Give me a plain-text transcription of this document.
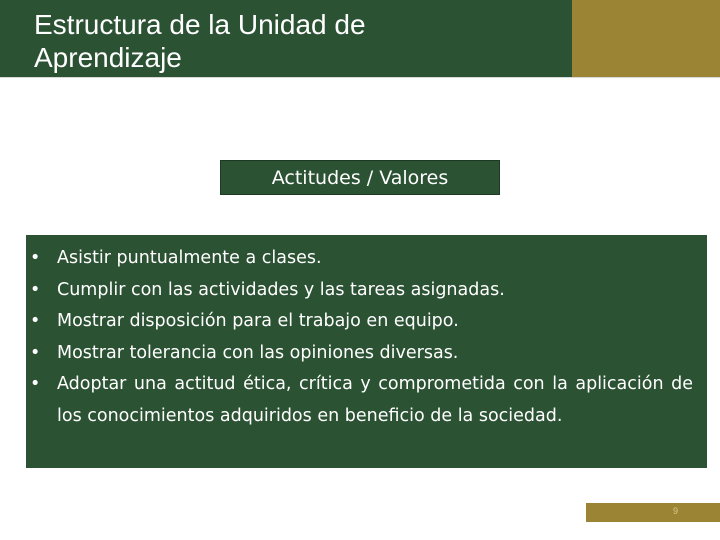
Estructura de la Unidad de Aprendizaje
Actitudes / Valores
• Asistir puntualmente a clases.
• Cumplir con las actividades y las tareas asignadas.
• Mostrar disposición para el trabajo en equipo.
• Mostrar tolerancia con las opiniones diversas.
• Adoptar una actitud ética, crítica y comprometida con la aplicación de los conocimientos adquiridos en beneficio de la sociedad.
9
